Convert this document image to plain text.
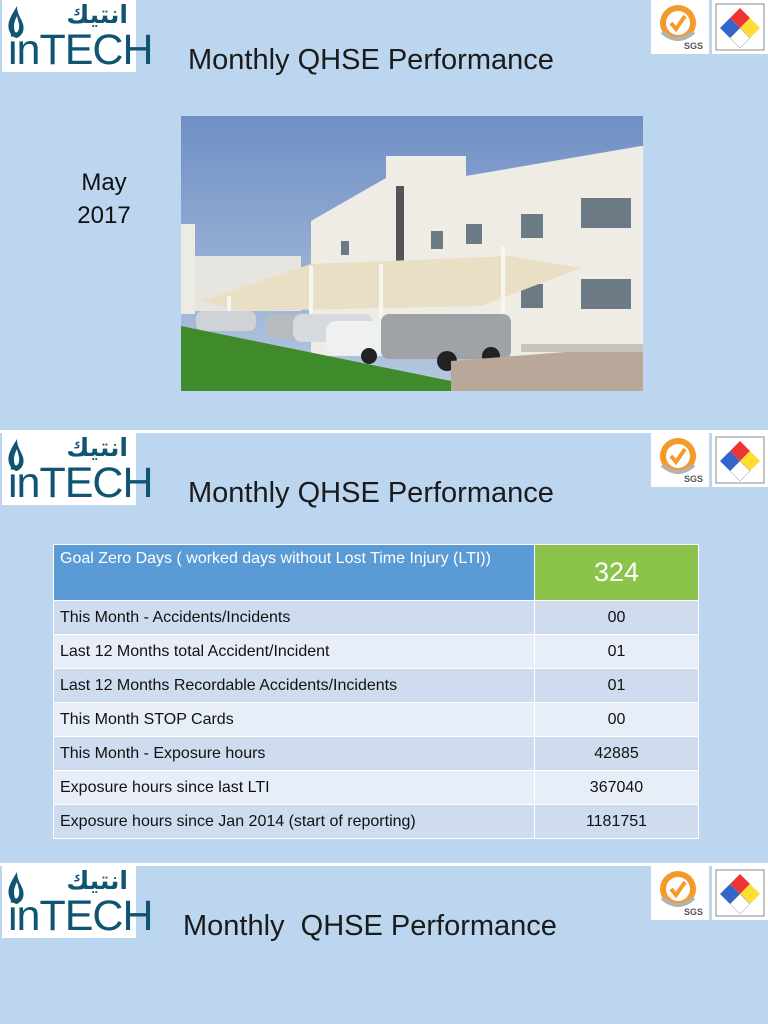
inTECH
انتيك
SGS
Monthly QHSE Performance
May
2017
inTECH
انتيك
SGS
Monthly QHSE Performance
Goal Zero Days ( worked days without Lost Time Injury (LTI))	324
This Month - Accidents/Incidents	00
Last 12 Months total Accident/Incident	01
Last 12 Months Recordable Accidents/Incidents	01
This Month STOP Cards	00
This Month - Exposure hours	42885
Exposure hours since last LTI	367040
Exposure hours since Jan 2014 (start of reporting)	1181751
inTECH
انتيك
SGS
Monthly  QHSE Performance
